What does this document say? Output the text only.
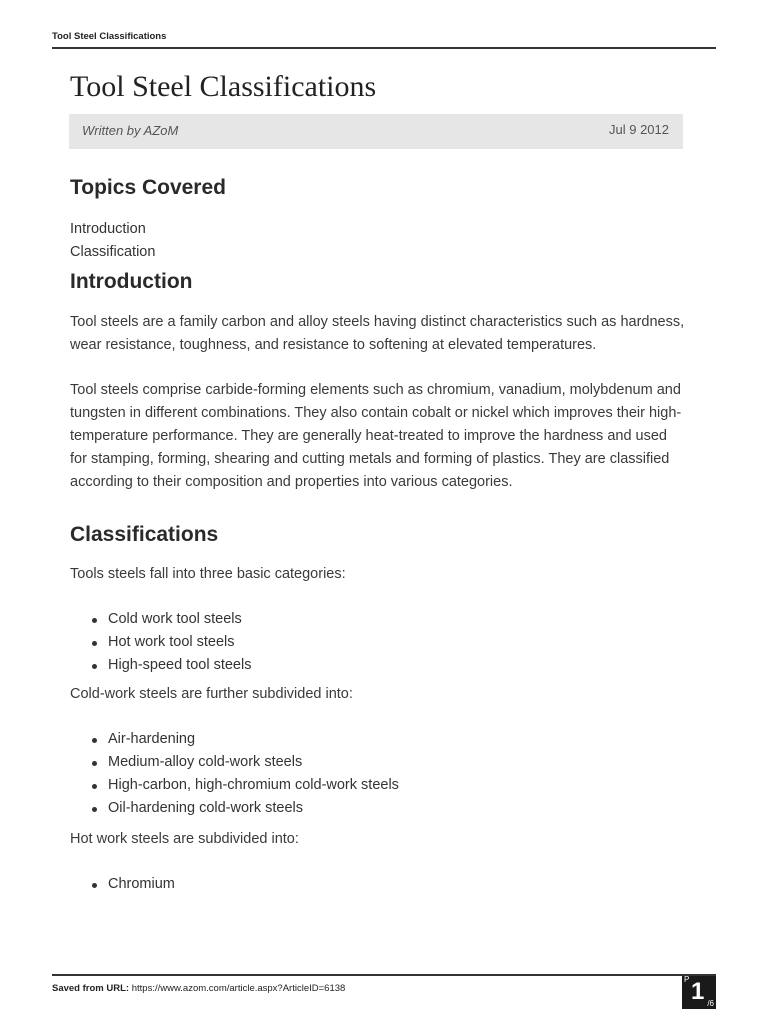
Tool Steel Classifications
Tool Steel Classifications
Written by AZoM	Jul 9 2012
Topics Covered
Introduction
Classification
Introduction

Tool steels are a family carbon and alloy steels having distinct characteristics such as hardness, wear resistance, toughness, and resistance to softening at elevated temperatures.

Tool steels comprise carbide-forming elements such as chromium, vanadium, molybdenum and tungsten in different combinations. They also contain cobalt or nickel which improves their high-temperature performance. They are generally heat-treated to improve the hardness and used for stamping, forming, shearing and cutting metals and forming of plastics. They are classified according to their composition and properties into various categories.

Classifications

Tools steels fall into three basic categories:

Cold work tool steels
Hot work tool steels
High-speed tool steels

Cold-work steels are further subdivided into:

Air-hardening
Medium-alloy cold-work steels
High-carbon, high-chromium cold-work steels
Oil-hardening cold-work steels

Hot work steels are subdivided into:

Chromium
Saved from URL: https://www.azom.com/article.aspx?ArticleID=6138
P 1 /6
